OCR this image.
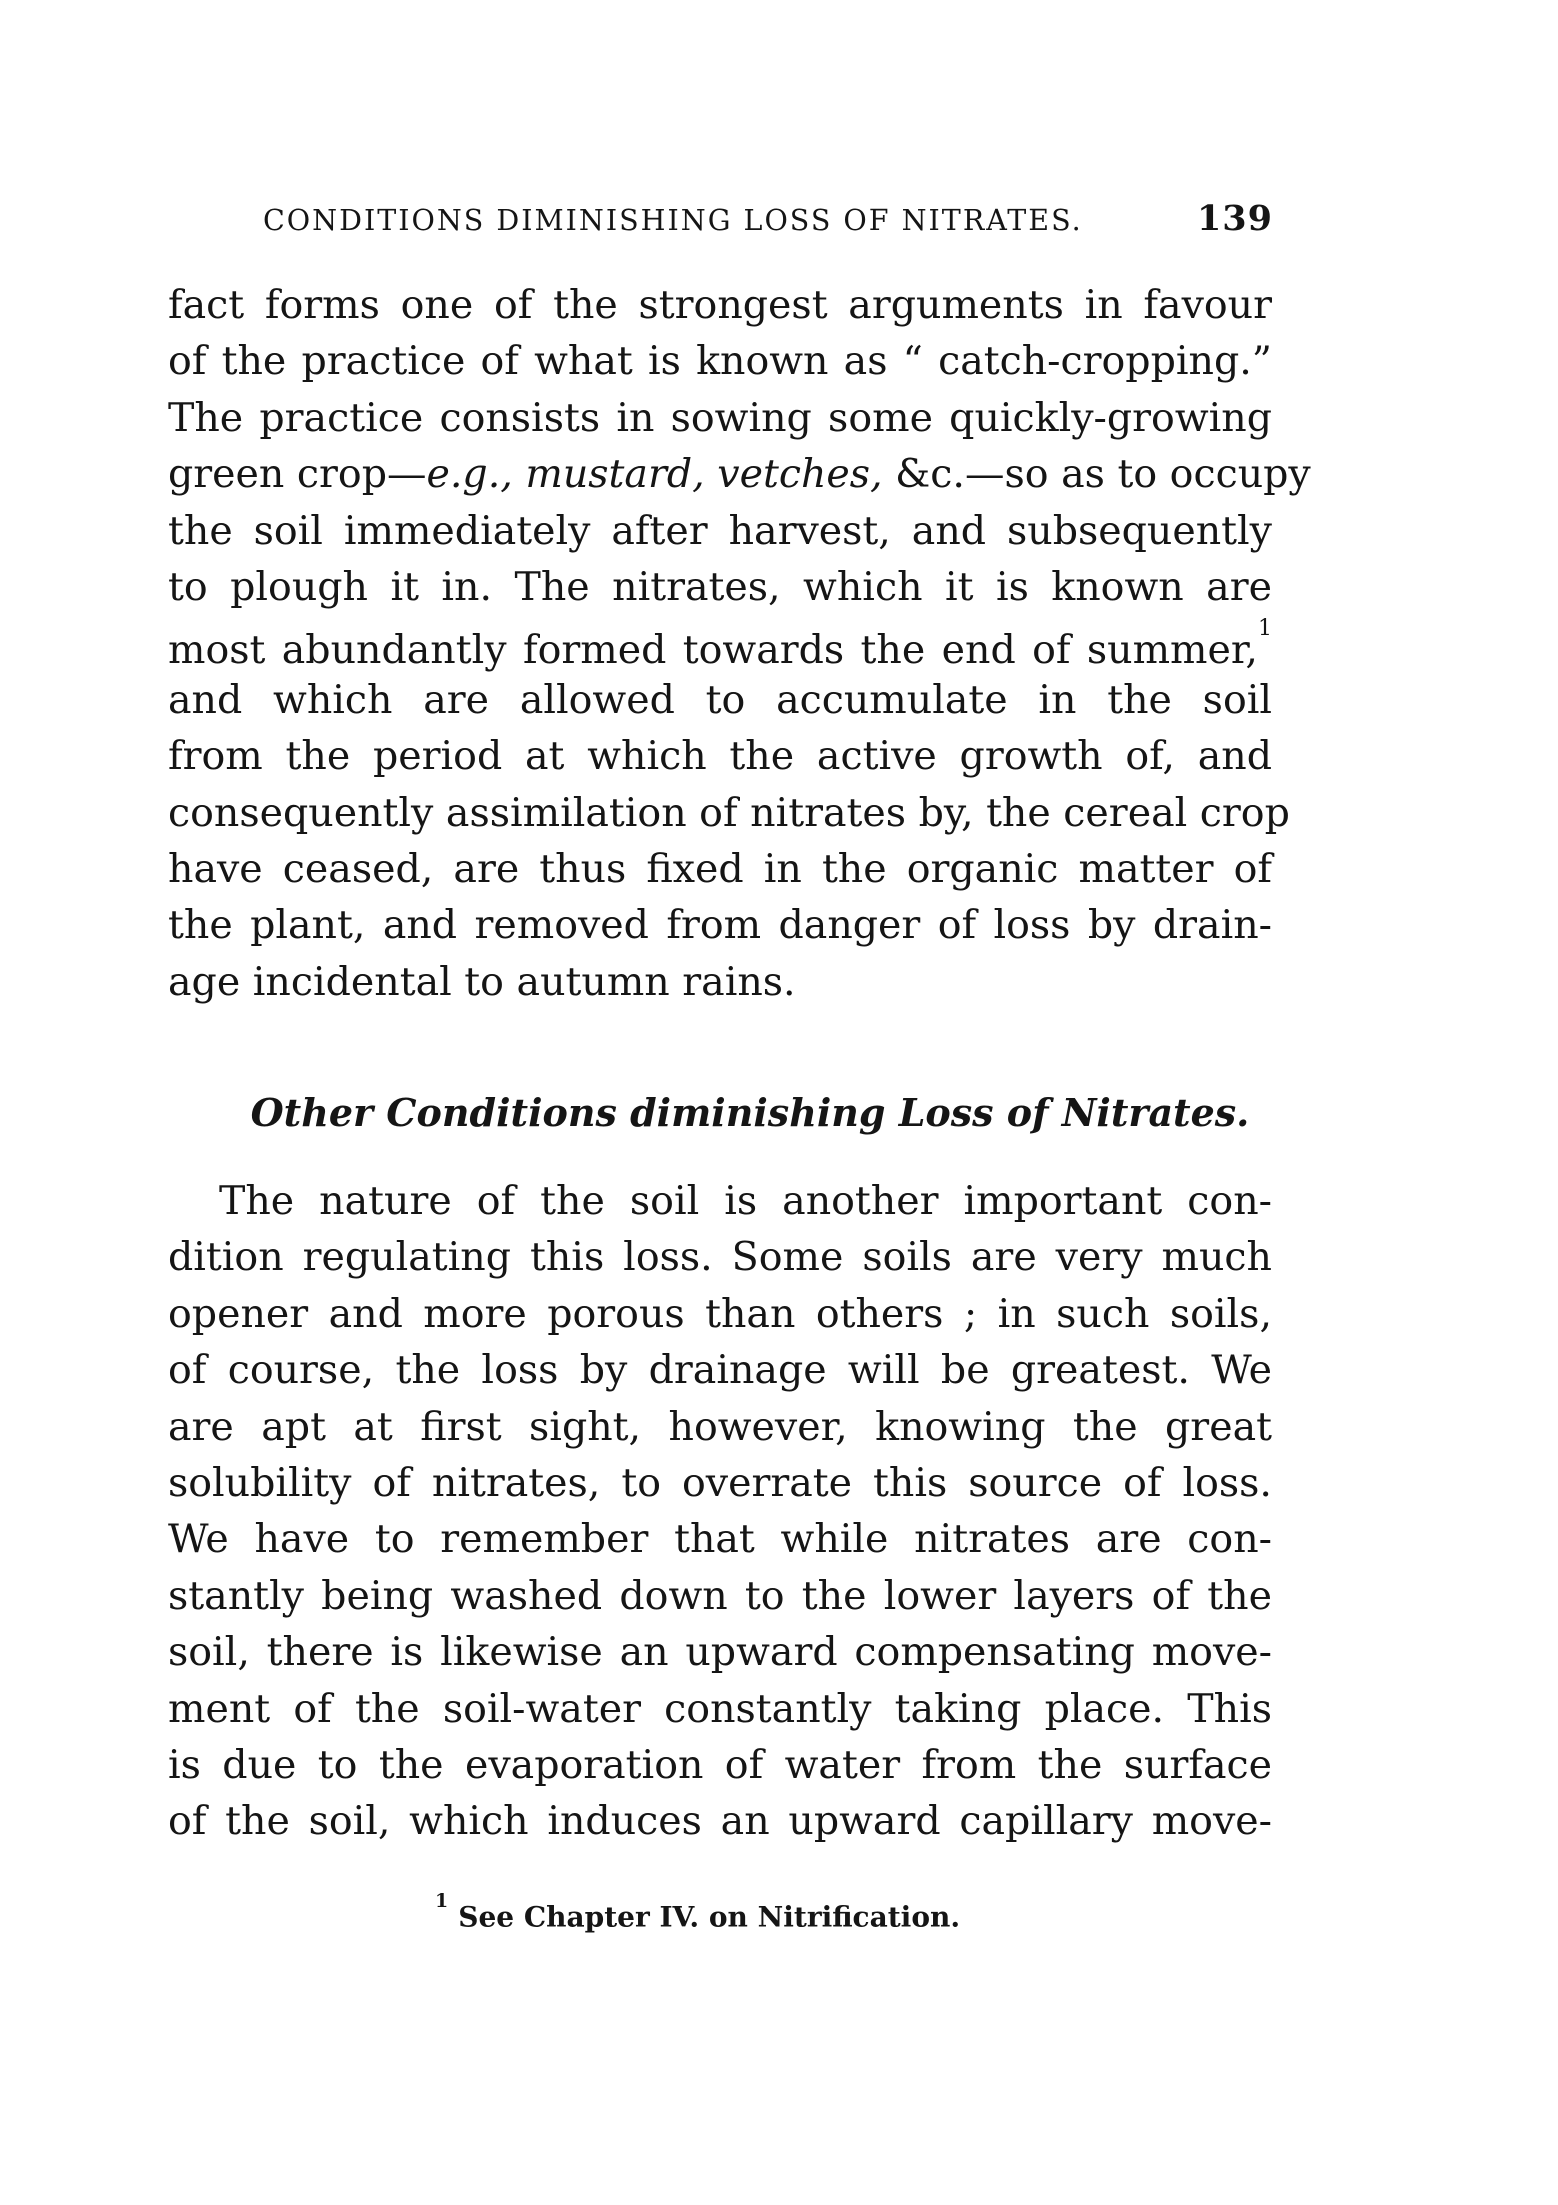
CONDITIONS DIMINISHING LOSS OF NITRATES.	139

fact forms one of the strongest arguments in favour
of the practice of what is known as “ catch-cropping.”
The practice consists in sowing some quickly-growing
green crop—e.g., mustard, vetches, &c.—so as to occupy
the soil immediately after harvest, and subsequently
to plough it in. The nitrates, which it is known are
most abundantly formed towards the end of summer,$^1$
and which are allowed to accumulate in the soil
from the period at which the active growth of, and
consequently assimilation of nitrates by, the cereal crop
have ceased, are thus fixed in the organic matter of
the plant, and removed from danger of loss by drain-
age incidental to autumn rains.

Other Conditions diminishing Loss of Nitrates.

The nature of the soil is another important con-
dition regulating this loss. Some soils are very much
opener and more porous than others ; in such soils,
of course, the loss by drainage will be greatest. We
are apt at first sight, however, knowing the great
solubility of nitrates, to overrate this source of loss.
We have to remember that while nitrates are con-
stantly being washed down to the lower layers of the
soil, there is likewise an upward compensating move-
ment of the soil-water constantly taking place. This
is due to the evaporation of water from the surface
of the soil, which induces an upward capillary move-

$^1$ See Chapter IV. on Nitrification.
